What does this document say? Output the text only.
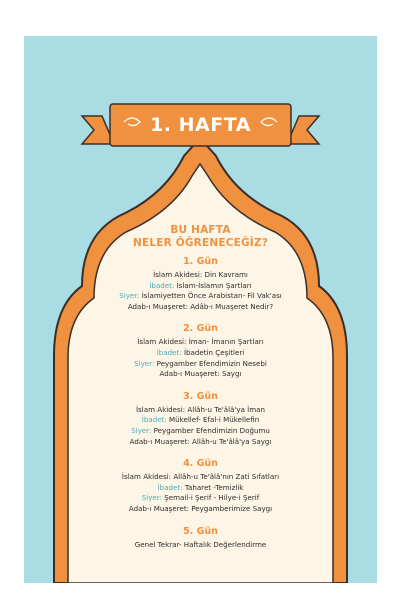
1. HAFTA
BU HAFTA
NELER ÖĞRENECEĞİZ?
1. Gün
İslam Akidesi: Din Kavramı
İbadet: İslam-İslamın Şartları
Siyer: İslamiyetten Önce Arabistan- Fil Vak'ası
Adab-ı Muaşeret: Adâb-ı Muaşeret Nedir?
2. Gün
İslam Akidesi: İman- İmanın Şartları
İbadet: İbadetin Çeşitleri
Siyer: Peygamber Efendimizin Nesebi
Adab-ı Muaşeret: Saygı
3. Gün
İslam Akidesi: Allâh-u Te'âlâ'ya İman
İbadet: Mükellef- Efal-i Mükellefin
Siyer: Peygamber Efendimizin Doğumu
Adab-ı Muaşeret: Allâh-u Te'âlâ'ya Saygı
4. Gün
İslam Akidesi: Allâh-u Te'âlâ'nın Zati Sıfatları
İbadet: Taharet -Temizlik
Siyer: Şemail-i Şerif - Hilye-i Şerif
Adab-ı Muaşeret: Peygamberimize Saygı
5. Gün
Genel Tekrar- Haftalık Değerlendirme
